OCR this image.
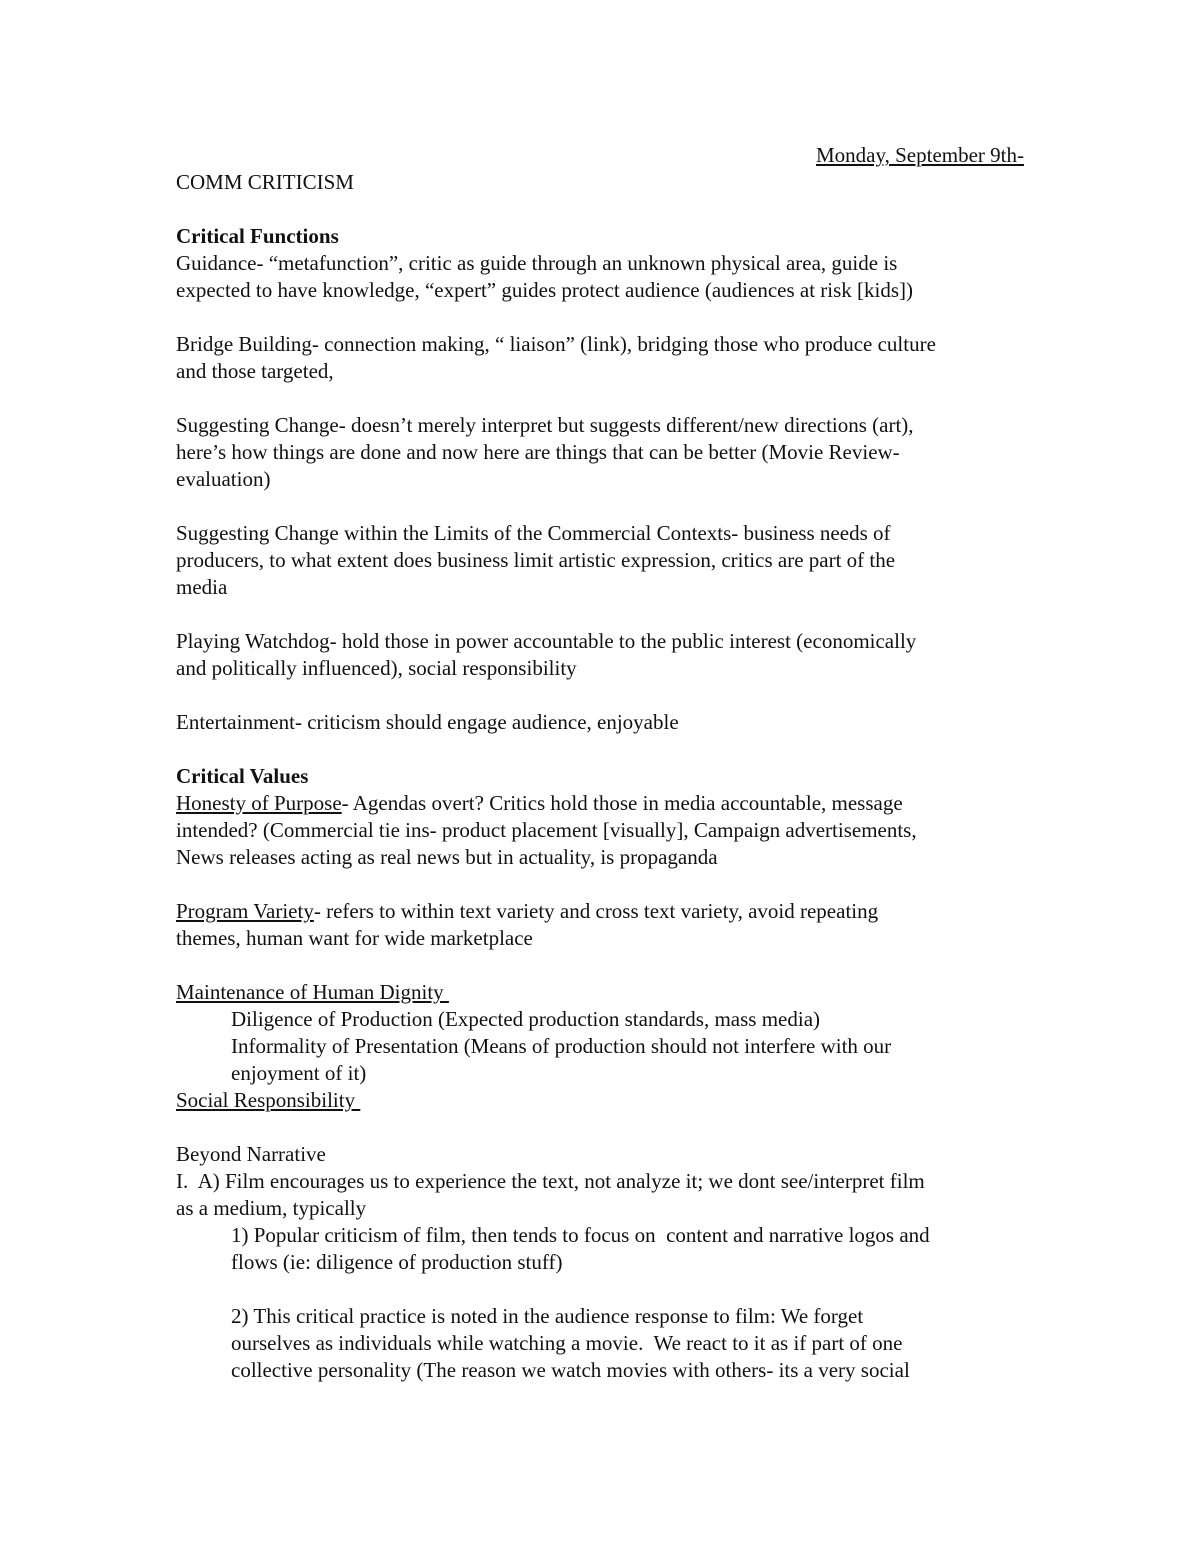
Monday, September 9th-
COMM CRITICISM
Critical Functions
Guidance- “metafunction”, critic as guide through an unknown physical area, guide is
expected to have knowledge, “expert” guides protect audience (audiences at risk [kids])
Bridge Building- connection making, “ liaison” (link), bridging those who produce culture
and those targeted,
Suggesting Change- doesn’t merely interpret but suggests different/new directions (art),
here’s how things are done and now here are things that can be better (Movie Review-
evaluation)
Suggesting Change within the Limits of the Commercial Contexts- business needs of
producers, to what extent does business limit artistic expression, critics are part of the
media
Playing Watchdog- hold those in power accountable to the public interest (economically
and politically influenced), social responsibility
Entertainment- criticism should engage audience, enjoyable
Critical Values
Honesty of Purpose- Agendas overt? Critics hold those in media accountable, message
intended? (Commercial tie ins- product placement [visually], Campaign advertisements,
News releases acting as real news but in actuality, is propaganda
Program Variety- refers to within text variety and cross text variety, avoid repeating
themes, human want for wide marketplace
Maintenance of Human Dignity
Diligence of Production (Expected production standards, mass media)
Informality of Presentation (Means of production should not interfere with our
enjoyment of it)
Social Responsibility
Beyond Narrative
I.  A) Film encourages us to experience the text, not analyze it; we dont see/interpret film
as a medium, typically
1) Popular criticism of film, then tends to focus on  content and narrative logos and
flows (ie: diligence of production stuff)
2) This critical practice is noted in the audience response to film: We forget
ourselves as individuals while watching a movie.  We react to it as if part of one
collective personality (The reason we watch movies with others- its a very social
